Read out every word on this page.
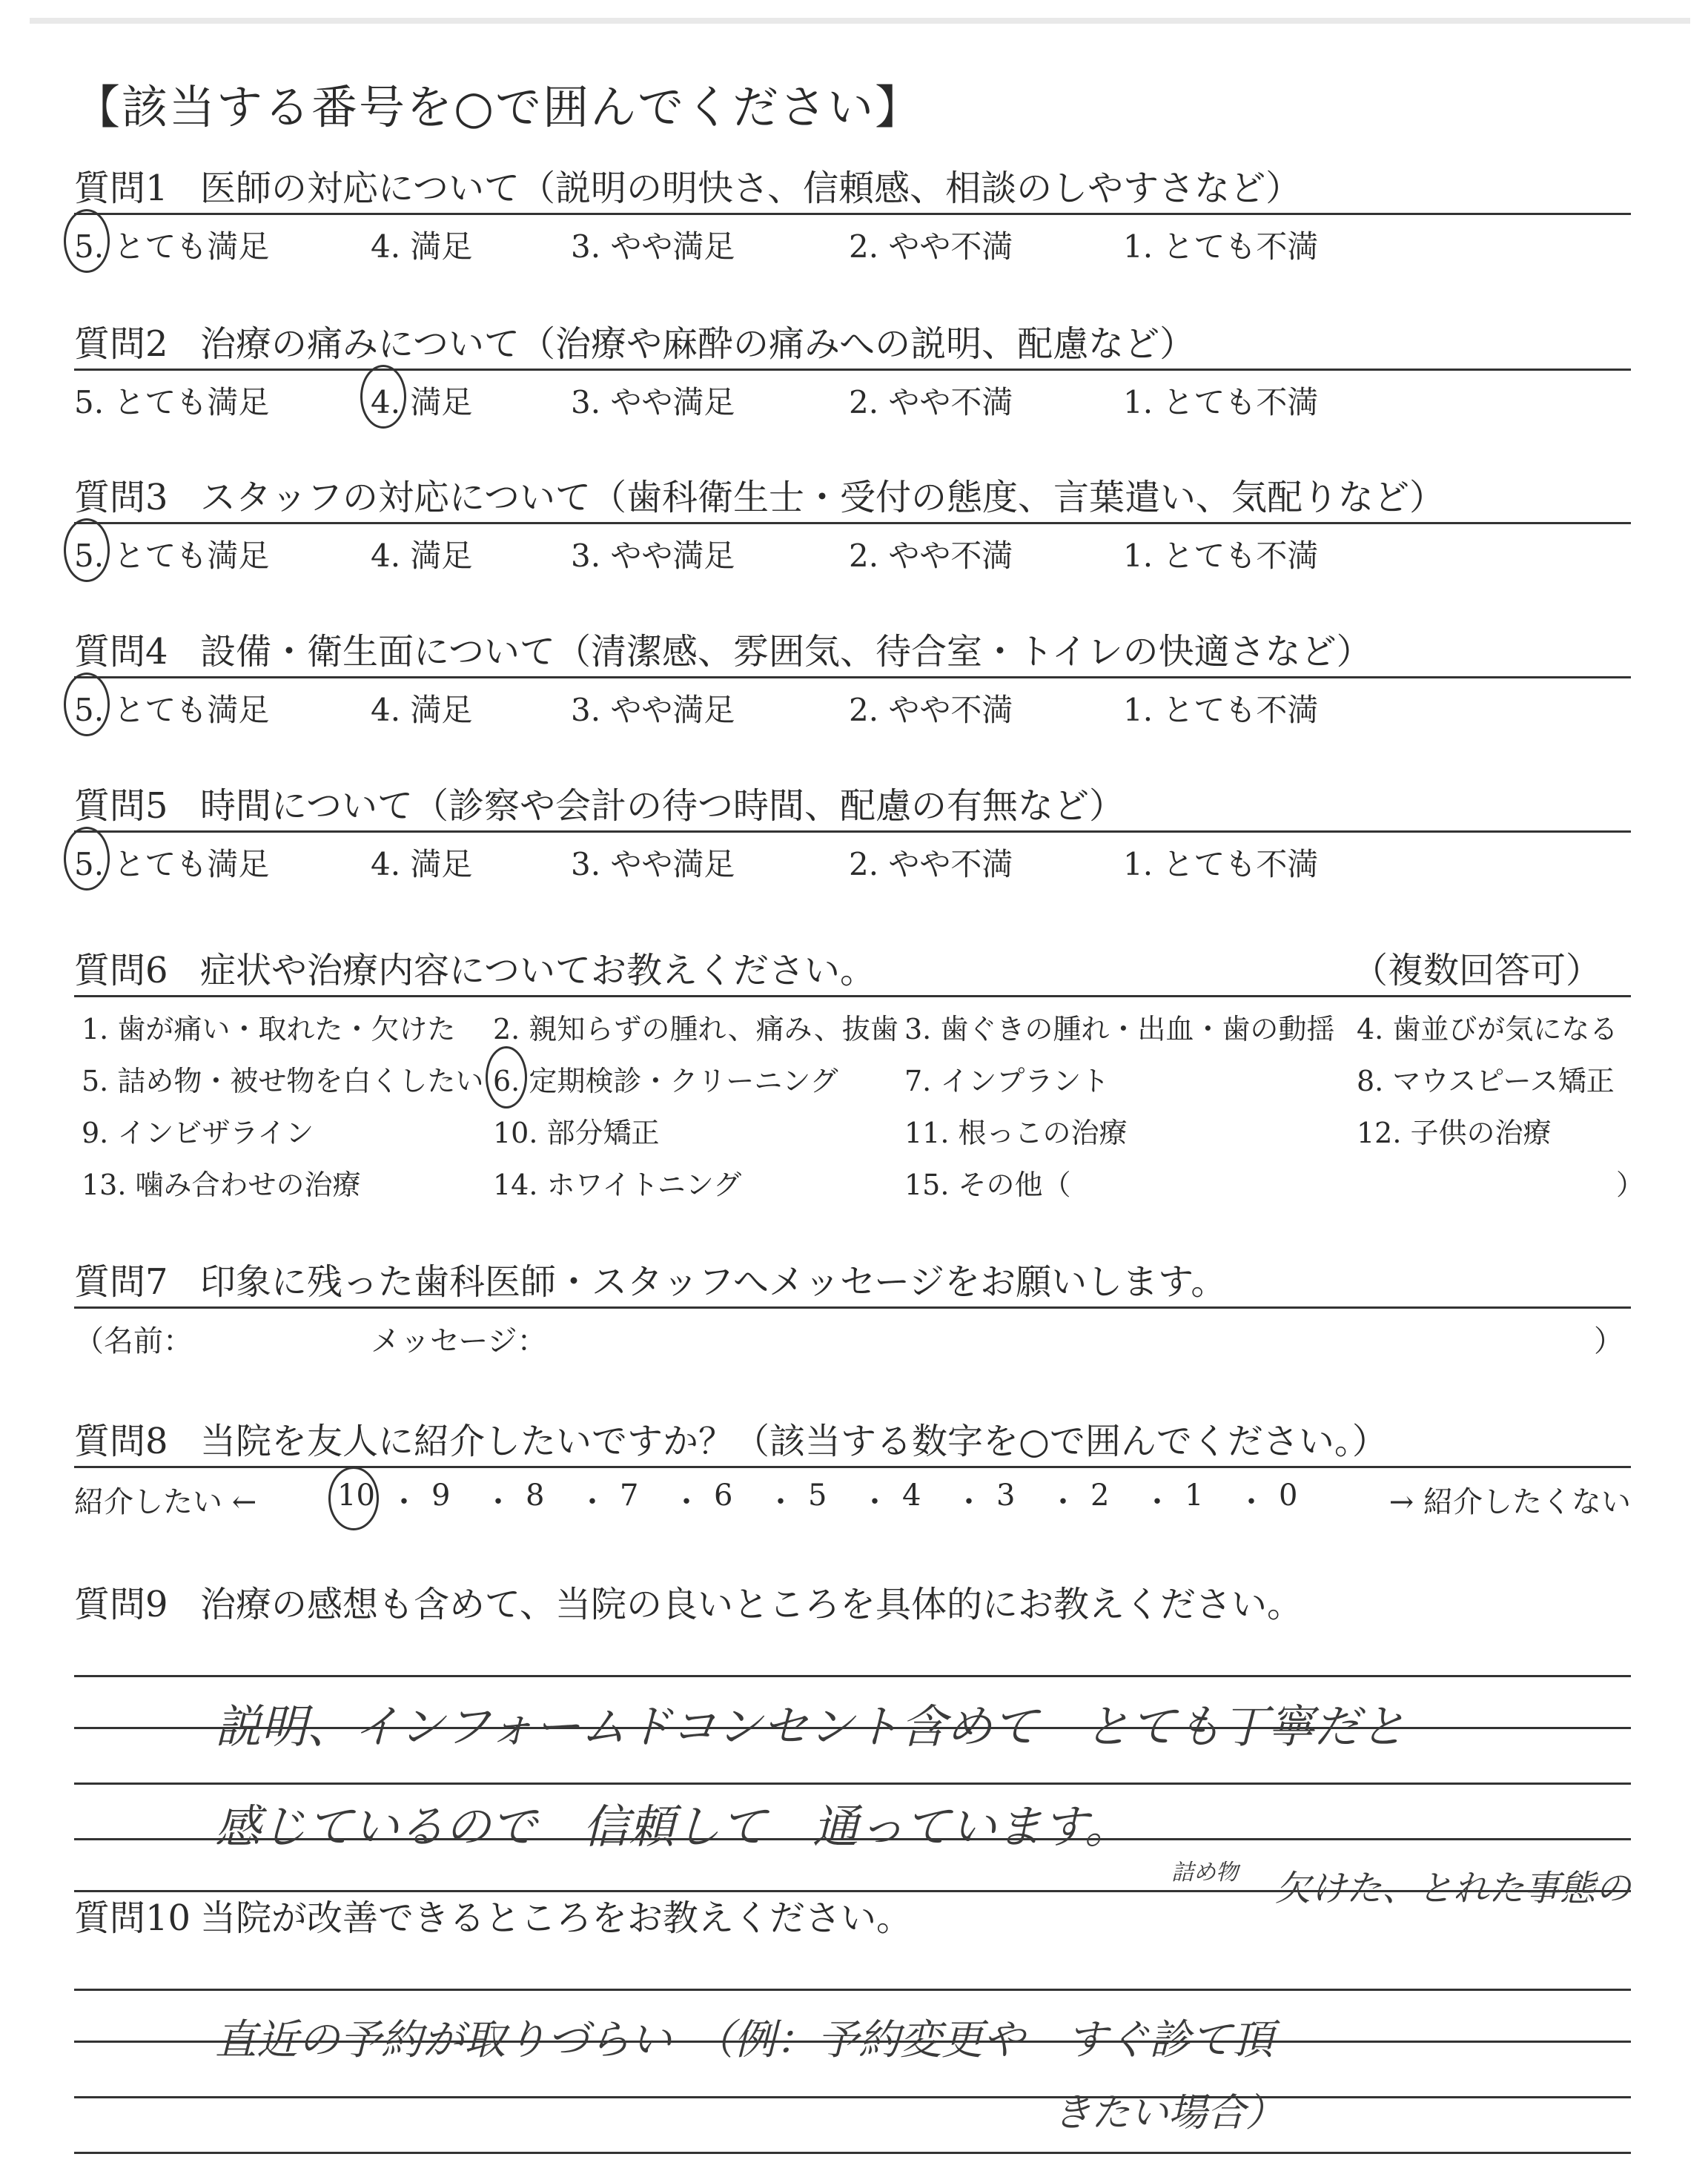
【該当する番号を○で囲んでください】
質問1 医師の対応について（説明の明快さ、信頼感、相談のしやすさなど）
5. とても満足	4. 満足	3. やや満足	2. やや不満	1. とても不満
質問2 治療の痛みについて（治療や麻酔の痛みへの説明、配慮など）
5. とても満足	4. 満足	3. やや満足	2. やや不満	1. とても不満
質問3 スタッフの対応について（歯科衛生士・受付の態度、言葉遣い、気配りなど）
5. とても満足	4. 満足	3. やや満足	2. やや不満	1. とても不満
質問4 設備・衛生面について（清潔感、雰囲気、待合室・トイレの快適さなど）
5. とても満足	4. 満足	3. やや満足	2. やや不満	1. とても不満
質問5 時間について（診察や会計の待つ時間、配慮の有無など）
5. とても満足	4. 満足	3. やや満足	2. やや不満	1. とても不満
質問6 症状や治療内容についてお教えください。	（複数回答可）
1. 歯が痛い・取れた・欠けた 2. 親知らずの腫れ、痛み、抜歯 3. 歯ぐきの腫れ・出血・歯の動揺 4. 歯並びが気になる
5. 詰め物・被せ物を白くしたい 6. 定期検診・クリーニング 7. インプラント	8. マウスピース矯正
9. インビザライン	10. 部分矯正	11. 根っこの治療	12. 子供の治療
13. 噛み合わせの治療	14. ホワイトニング	15. その他（	）
質問7 印象に残った歯科医師・スタッフへメッセージをお願いします。
（名前：	メッセージ：	）
質問8 当院を友人に紹介したいですか？（該当する数字を○で囲んでください。）
紹介したい ←	→ 紹介したくない
10 ・ 9 ・ 8 ・ 7 ・ 6 ・ 5 ・ 4 ・ 3 ・ 2 ・ 1 ・ 0
質問9 治療の感想も含めて、当院の良いところを具体的にお教えください。
説明、インフォームドコンセント含めて　とても丁寧だと
感じているので　信頼して　通っています。
詰め物 欠けた、とれた事態の
質問10 当院が改善できるところをお教えください。
直近の予約が取りづらい　（例：予約変更や　すぐ診て頂
きたい場合）
